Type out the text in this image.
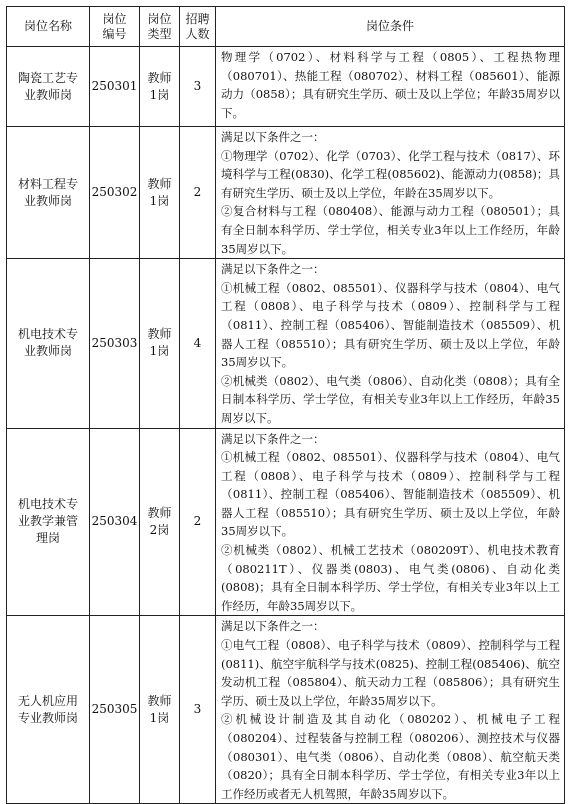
岗位名称	岗位编号	岗位类型	招聘人数	岗位条件

陶瓷工艺专业教师岗	250301	教师1岗	3	物理学（0702）、材料科学与工程（0805）、工程热物理（080701）、热能工程（080702）、材料工程（085601）、能源动力（0858）；具有研究生学历、硕士及以上学位；年龄35周岁以下。

材料工程专业教师岗	250302	教师1岗	2	满足以下条件之一：
①物理学（0702）、化学（0703）、化学工程与技术（0817）、环境科学与工程(0830)、化学工程(085602)、能源动力(0858)；具有研究生学历、硕士及以上学位，年龄在35周岁以下。
②复合材料与工程（080408）、能源与动力工程（080501）；具有全日制本科学历、学士学位，相关专业3年以上工作经历，年龄35周岁以下。

机电技术专业教师岗	250303	教师1岗	4	满足以下条件之一：
①机械工程（0802、085501）、仪器科学与技术（0804）、电气工程（0808）、电子科学与技术（0809）、控制科学与工程（0811）、控制工程（085406）、智能制造技术（085509）、机器人工程（085510）；具有研究生学历、硕士及以上学位，年龄35周岁以下。
②机械类（0802）、电气类（0806）、自动化类（0808）；具有全日制本科学历、学士学位，有相关专业3年以上工作经历，年龄35周岁以下。

机电技术专业教学兼管理岗	250304	教师2岗	2	满足以下条件之一：
①机械工程（0802、085501）、仪器科学与技术（0804）、电气工程（0808）、电子科学与技术（0809）、控制科学与工程（0811）、控制工程（085406）、智能制造技术（085509）、机器人工程（085510）；具有研究生学历、硕士及以上学位，年龄35周岁以下。
②机械类（0802）、机械工艺技术（080209T）、机电技术教育（080211T）、仪器类(0803)、电气类(0806)、自动化类(0808)；具有全日制本科学历、学士学位，有相关专业3年以上工作经历，年龄35周岁以下。

无人机应用专业教师岗	250305	教师1岗	3	满足以下条件之一：
①电气工程（0808）、电子科学与技术（0809）、控制科学与工程(0811)、航空宇航科学与技术(0825)、控制工程(085406)、航空发动机工程（085804）、航天动力工程（085806）；具有研究生学历、硕士及以上学位，年龄35周岁以下。
②机械设计制造及其自动化（080202）、机械电子工程（080204）、过程装备与控制工程（080206）、测控技术与仪器（080301）、电气类（0806）、自动化类（0808）、航空航天类（0820）；具有全日制本科学历、学士学位，有相关专业3年以上工作经历或者无人机驾照，年龄35周岁以下。
